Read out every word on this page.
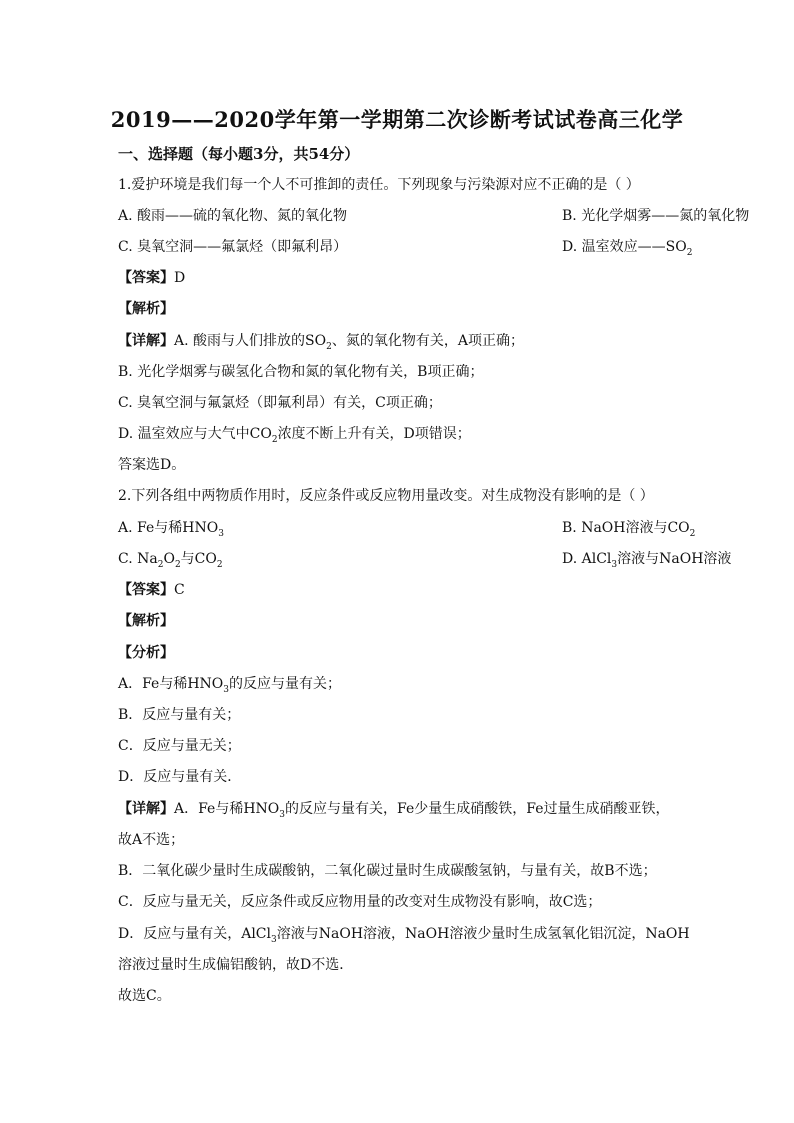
2019——2020学年第一学期第二次诊断考试试卷高三化学

一、选择题（每小题3分，共54分）

1.爱护环境是我们每一个人不可推卸的责任。下列现象与污染源对应不正确的是（ ）

A. 酸雨——硫的氧化物、氮的氧化物	B. 光化学烟雾——氮的氧化物

C. 臭氧空洞——氟氯烃（即氟利昂）	D. 温室效应$——SO_2$

【答案】D

【解析】

【详解】A. 酸雨与人们排放的$SO_2$、氮的氧化物有关，A项正确；

B. 光化学烟雾与碳氢化合物和氮的氧化物有关，B项正确；

C. 臭氧空洞与氟氯烃（即氟利昂）有关，C项正确；

D. 温室效应与大气中$CO_2$浓度不断上升有关，D项错误；

答案选D。

2.下列各组中两物质作用时，反应条件或反应物用量改变。对生成物没有影响的是（ ）

A. Fe与稀$HNO_3$	B. NaOH溶液与$CO_2$

C. $Na_2O_2$与$CO_2$	D. AlCl$_3$溶液与NaOH溶液

【答案】C

【解析】

【分析】

A．Fe与稀$HNO_3$的反应与量有关；

B．反应与量有关；

C．反应与量无关；

D．反应与量有关．

【详解】A．Fe与稀$HNO_3$的反应与量有关，Fe少量生成硝酸铁，Fe过量生成硝酸亚铁，

故A不选；

B．二氧化碳少量时生成碳酸钠，二氧化碳过量时生成碳酸氢钠，与量有关，故B不选；

C．反应与量无关，反应条件或反应物用量的改变对生成物没有影响，故C选；

D．反应与量有关，AlCl$_3$溶液与NaOH溶液，NaOH溶液少量时生成氢氧化铝沉淀，NaOH

溶液过量时生成偏铝酸钠，故D不选．

故选C。
